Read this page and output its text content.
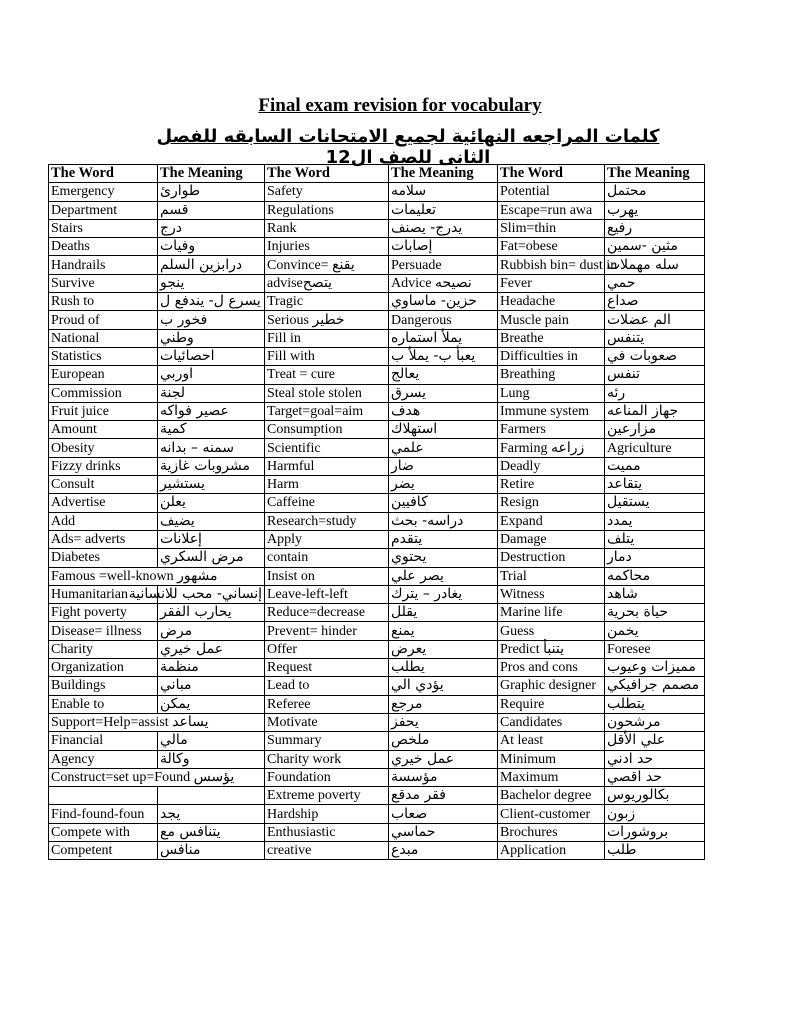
Final exam revision for vocabulary
كلمات المراجعه النهائية لجميع الامتحانات السابقه للفصل الثانى للصف ال12
The Word	The Meaning	The Word	The Meaning	The Word	The Meaning
Emergency	طوارئ	Safety	سلامه	Potential	محتمل
Department	قسم	Regulations	تعليمات	Escape=run awa	يهرب
Stairs	درج	Rank	يدرج- يصنف	Slim=thin	رفيع
Deaths	وفيات	Injuries	إصابات	Fat=obese	مثين -سمين
Handrails	درابزين السلم	Convince= يقنع	Persuade	Rubbish bin= dust in	سله مهملات
Survive	ينجو	adviseيتصح	Advice نصيحه	Fever	حمي
Rush to	يسرع ل- يندفع ل	Tragic	حزين- ماساوي	Headache	صداع
Proud of	فخور ب	Serious خطير	Dangerous	Muscle pain	الم عضلات
National	وطني	Fill in	يملأ استماره	Breathe	يتنفس
Statistics	احصائيات	Fill with	يعبأ ب- يملأ ب	Difficulties in	صعوبات في
European	اوربي	Treat = cure	يعالج	Breathing	تنفس
Commission	لجنة	Steal stole stolen	يسرق	Lung	رئه
Fruit juice	عصير فواكه	Target=goal=aim	هدف	Immune system	جهاز المناعه
Amount	كمية	Consumption	استهلاك	Farmers	مزارعين
Obesity	سمنه – بدانه	Scientific	علمي	Farming زراعه	Agriculture
Fizzy drinks	مشروبات غازية	Harmful	ضار	Deadly	مميت
Consult	يستشير	Harm	يضر	Retire	يتقاعد
Advertise	يعلن	Caffeine	كافيين	Resign	يستقيل
Add	يضيف	Research=study	دراسه- بحث	Expand	يمدد
Ads= adverts	إعلانات	Apply	يتقدم	Damage	يتلف
Diabetes	مرض السكري	contain	يحتوي	Destruction	دمار
Famous =well-known مشهور		Insist on	يصر علي	Trial	محاكمه
Humanitarian	إنساني- محب للانسانية	Leave-left-left	يغادر – يترك	Witness	شاهد
Fight poverty	يحارب الفقر	Reduce=decrease	يقلل	Marine life	حياة بحرية
Disease= illness	مرض	Prevent= hinder	يمنع	Guess	يخمن
Charity	عمل خيري	Offer	يعرض	Predict يتنبأ	Foresee
Organization	منظمة	Request	يطلب	Pros and cons	مميزات وعيوب
Buildings	مباني	Lead to	يؤدي الي	Graphic designer	مصمم جرافيكي
Enable to	يمكن	Referee	مرجع	Require	يتطلب
Support=Help=assist يساعد		Motivate	يحفز	Candidates	مرشحون
Financial	مالي	Summary	ملخص	At least	علي الأقل
Agency	وكالة	Charity work	عمل خيري	Minimum	حد ادني
Construct=set up=Found يؤسس		Foundation	مؤسسة	Maximum	حد اقصي
		Extreme poverty	فقر مدقع	Bachelor degree	بكالوريوس
Find-found-foun	يجد	Hardship	صعاب	Client-customer	زبون
Compete with	يتنافس مع	Enthusiastic	حماسي	Brochures	بروشورات
Competent	منافس	creative	مبدع	Application	طلب
